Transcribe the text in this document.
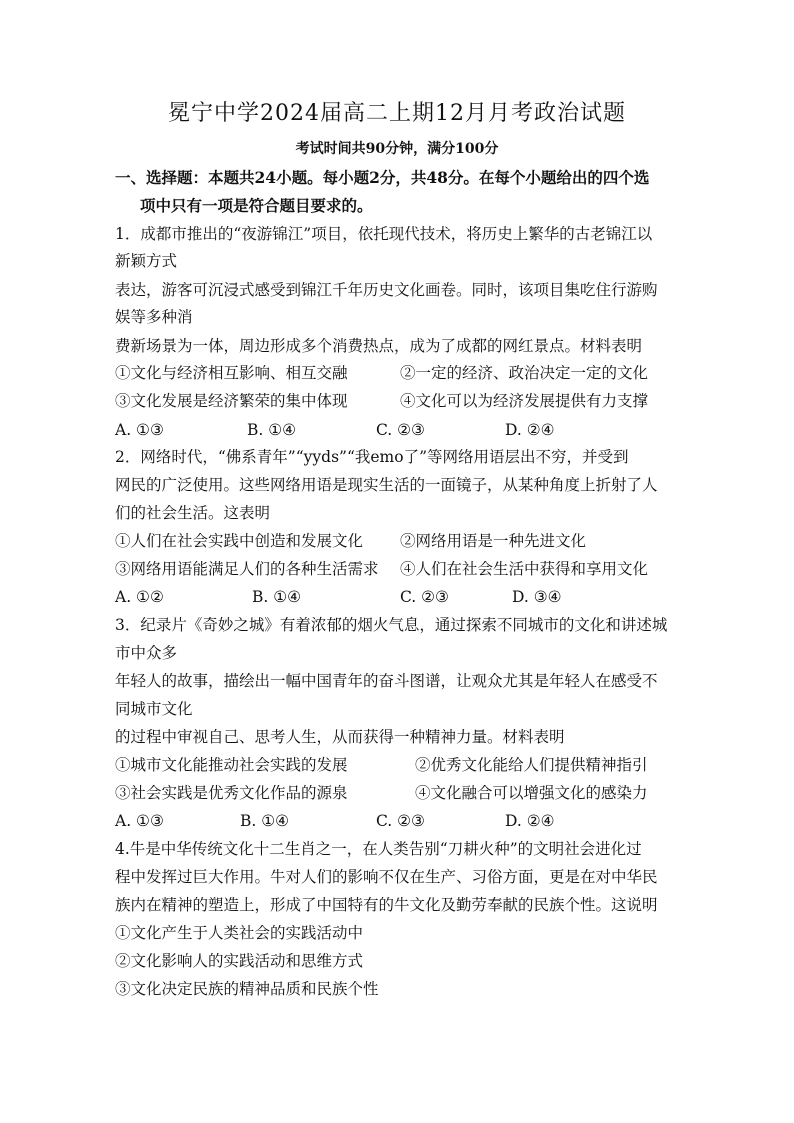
冕宁中学2024届高二上期12月月考政治试题
考试时间共90分钟，满分100分
一、选择题：本题共24小题。每小题2分，共48分。在每个小题给出的四个选
项中只有一项是符合题目要求的。
1．成都市推出的“夜游锦江”项目，依托现代技术，将历史上繁华的古老锦江以
新颖方式
表达，游客可沉浸式感受到锦江千年历史文化画卷。同时，该项目集吃住行游购
娱等多种消
费新场景为一体，周边形成多个消费热点，成为了成都的网红景点。材料表明
①文化与经济相互影响、相互交融	②一定的经济、政治决定一定的文化
③文化发展是经济繁荣的集中体现	④文化可以为经济发展提供有力支撑
A. ①③	B. ①④	C. ②③	D. ②④
2．网络时代，“佛系青年”“yyds”“我emo了”等网络用语层出不穷，并受到
网民的广泛使用。这些网络用语是现实生活的一面镜子，从某种角度上折射了人
们的社会生活。这表明
①人们在社会实践中创造和发展文化 ②网络用语是一种先进文化
③网络用语能满足人们的各种生活需求 ④人们在社会生活中获得和享用文化
A. ①②	B. ①④	C. ②③	D. ③④
3．纪录片《奇妙之城》有着浓郁的烟火气息，通过探索不同城市的文化和讲述城
市中众多
年轻人的故事，描绘出一幅中国青年的奋斗图谱，让观众尤其是年轻人在感受不
同城市文化
的过程中审视自己、思考人生，从而获得一种精神力量。材料表明
①城市文化能推动社会实践的发展	②优秀文化能给人们提供精神指引
③社会实践是优秀文化作品的源泉	④文化融合可以增强文化的感染力
A. ①③	B. ①④	C. ②③	D. ②④
4.牛是中华传统文化十二生肖之一，在人类告别“刀耕火种”的文明社会进化过
程中发挥过巨大作用。牛对人们的影响不仅在生产、习俗方面，更是在对中华民
族内在精神的塑造上，形成了中国特有的牛文化及勤劳奉献的民族个性。这说明
①文化产生于人类社会的实践活动中
②文化影响人的实践活动和思维方式
③文化决定民族的精神品质和民族个性
